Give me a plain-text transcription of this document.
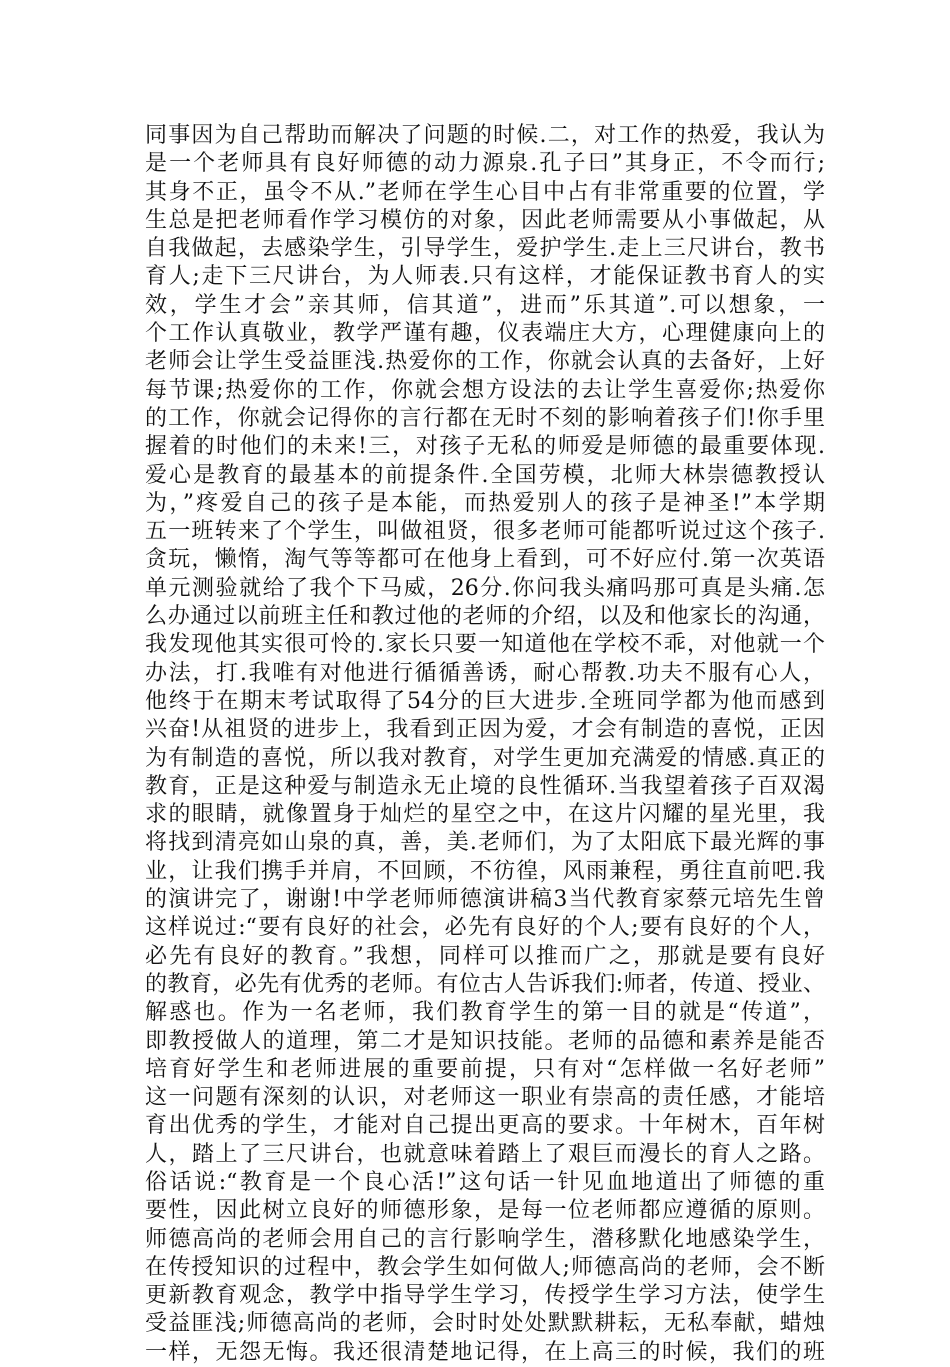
同事因为自己帮助而解决了问题的时候.二，对工作的热爱，我认为
是一个老师具有良好师德的动力源泉.孔子曰”其身正，不令而行;
其身不正，虽令不从.”老师在学生心目中占有非常重要的位置，学
生总是把老师看作学习模仿的对象，因此老师需要从小事做起，从
自我做起，去感染学生，引导学生，爱护学生.走上三尺讲台，教书
育人;走下三尺讲台，为人师表.只有这样，才能保证教书育人的实
效，学生才会”亲其师，信其道”，进而”乐其道”.可以想象，一
个工作认真敬业，教学严谨有趣，仪表端庄大方，心理健康向上的
老师会让学生受益匪浅.热爱你的工作，你就会认真的去备好，上好
每节课;热爱你的工作，你就会想方设法的去让学生喜爱你;热爱你
的工作，你就会记得你的言行都在无时不刻的影响着孩子们!你手里
握着的时他们的未来!三，对孩子无私的师爱是师德的最重要体现.
爱心是教育的最基本的前提条件.全国劳模，北师大林崇德教授认
为，”疼爱自己的孩子是本能，而热爱别人的孩子是神圣!”本学期
五一班转来了个学生，叫做祖贤，很多老师可能都听说过这个孩子.
贪玩，懒惰，淘气等等都可在他身上看到，可不好应付.第一次英语
单元测验就给了我个下马威，26分.你问我头痛吗那可真是头痛.怎
么办通过以前班主任和教过他的老师的介绍，以及和他家长的沟通，
我发现他其实很可怜的.家长只要一知道他在学校不乖，对他就一个
办法，打.我唯有对他进行循循善诱，耐心帮教.功夫不服有心人，
他终于在期末考试取得了54分的巨大进步.全班同学都为他而感到
兴奋!从祖贤的进步上，我看到正因为爱，才会有制造的喜悦，正因
为有制造的喜悦，所以我对教育，对学生更加充满爱的情感.真正的
教育，正是这种爱与制造永无止境的良性循环.当我望着孩子百双渴
求的眼睛，就像置身于灿烂的星空之中，在这片闪耀的星光里，我
将找到清亮如山泉的真，善，美.老师们，为了太阳底下最光辉的事
业，让我们携手并肩，不回顾，不彷徨，风雨兼程，勇往直前吧.我
的演讲完了，谢谢!中学老师师德演讲稿3当代教育家蔡元培先生曾
这样说过:“要有良好的社会，必先有良好的个人;要有良好的个人，
必先有良好的教育。”我想，同样可以推而广之，那就是要有良好
的教育，必先有优秀的老师。有位古人告诉我们:师者，传道、授业、
解惑也。作为一名老师，我们教育学生的第一目的就是“传道”，
即教授做人的道理，第二才是知识技能。老师的品德和素养是能否
培育好学生和老师进展的重要前提，只有对“怎样做一名好老师”
这一问题有深刻的认识，对老师这一职业有崇高的责任感，才能培
育出优秀的学生，才能对自己提出更高的要求。十年树木，百年树
人，踏上了三尺讲台，也就意味着踏上了艰巨而漫长的育人之路。
俗话说:“教育是一个良心活!”这句话一针见血地道出了师德的重
要性，因此树立良好的师德形象，是每一位老师都应遵循的原则。
师德高尚的老师会用自己的言行影响学生，潜移默化地感染学生，
在传授知识的过程中，教会学生如何做人;师德高尚的老师，会不断
更新教育观念，教学中指导学生学习，传授学生学习方法，使学生
受益匪浅;师德高尚的老师，会时时处处默默耕耘，无私奉献，蜡烛
一样，无怨无悔。我还很清楚地记得，在上高三的时候，我们的班
